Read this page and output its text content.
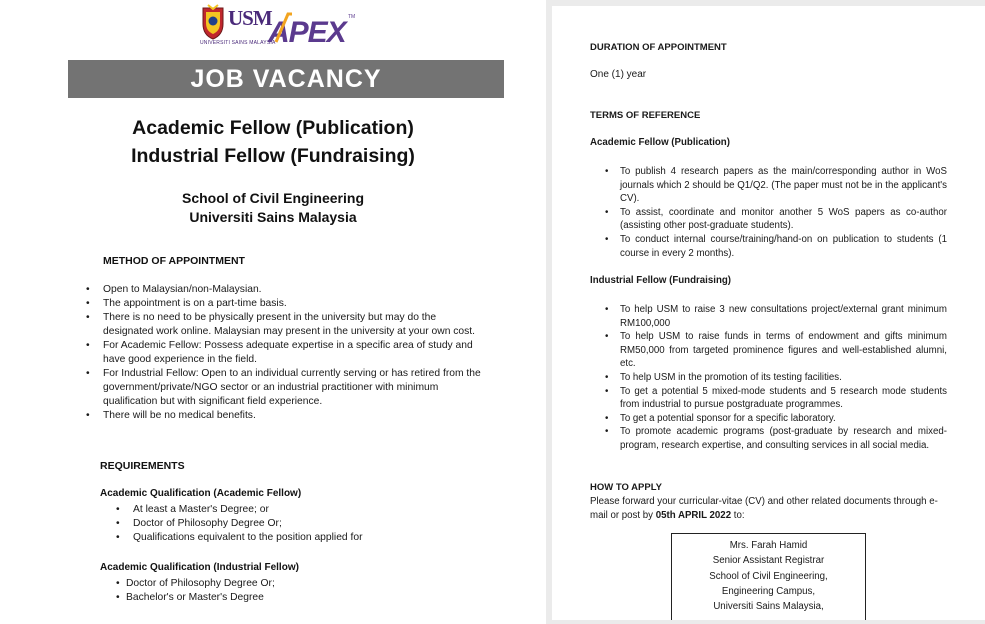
USM
UNIVERSITI SAINS MALAYSIA
TM
APEX
JOB VACANCY
Academic Fellow (Publication)
Industrial Fellow (Fundraising)
School of Civil Engineering
Universiti Sains Malaysia
METHOD OF APPOINTMENT
• Open to Malaysian/non-Malaysian.
• The appointment is on a part-time basis.
• There is no need to be physically present in the university but may do the designated work online. Malaysian may present in the university at your own cost.
• For Academic Fellow: Possess adequate expertise in a specific area of study and have good experience in the field.
• For Industrial Fellow: Open to an individual currently serving or has retired from the government/private/NGO sector or an industrial practitioner with minimum qualification but with significant field experience.
• There will be no medical benefits.
REQUIREMENTS
Academic Qualification (Academic Fellow)
• At least a Master's Degree; or
• Doctor of Philosophy Degree Or;
• Qualifications equivalent to the position applied for
Academic Qualification (Industrial Fellow)
• Doctor of Philosophy Degree Or;
• Bachelor's or Master's Degree
DURATION OF APPOINTMENT
One (1) year
TERMS OF REFERENCE
Academic Fellow (Publication)
• To publish 4 research papers as the main/corresponding author in WoS journals which 2 should be Q1/Q2. (The paper must not be in the applicant's CV).
• To assist, coordinate and monitor another 5 WoS papers as co-author (assisting other post-graduate students).
• To conduct internal course/training/hand-on on publication to students (1 course in every 2 months).
Industrial Fellow (Fundraising)
• To help USM to raise 3 new consultations project/external grant minimum RM100,000
• To help USM to raise funds in terms of endowment and gifts minimum RM50,000 from targeted prominence figures and well-established alumni, etc.
• To help USM in the promotion of its testing facilities.
• To get a potential 5 mixed-mode students and 5 research mode students from industrial to pursue postgraduate programmes.
• To get a potential sponsor for a specific laboratory.
• To promote academic programs (post-graduate by research and mixed-program, research expertise, and consulting services in all social media.
HOW TO APPLY
Please forward your curricular-vitae (CV) and other related documents through e-mail or post by 05th APRIL 2022 to:
Mrs. Farah Hamid
Senior Assistant Registrar
School of Civil Engineering,
Engineering Campus,
Universiti Sains Malaysia,
